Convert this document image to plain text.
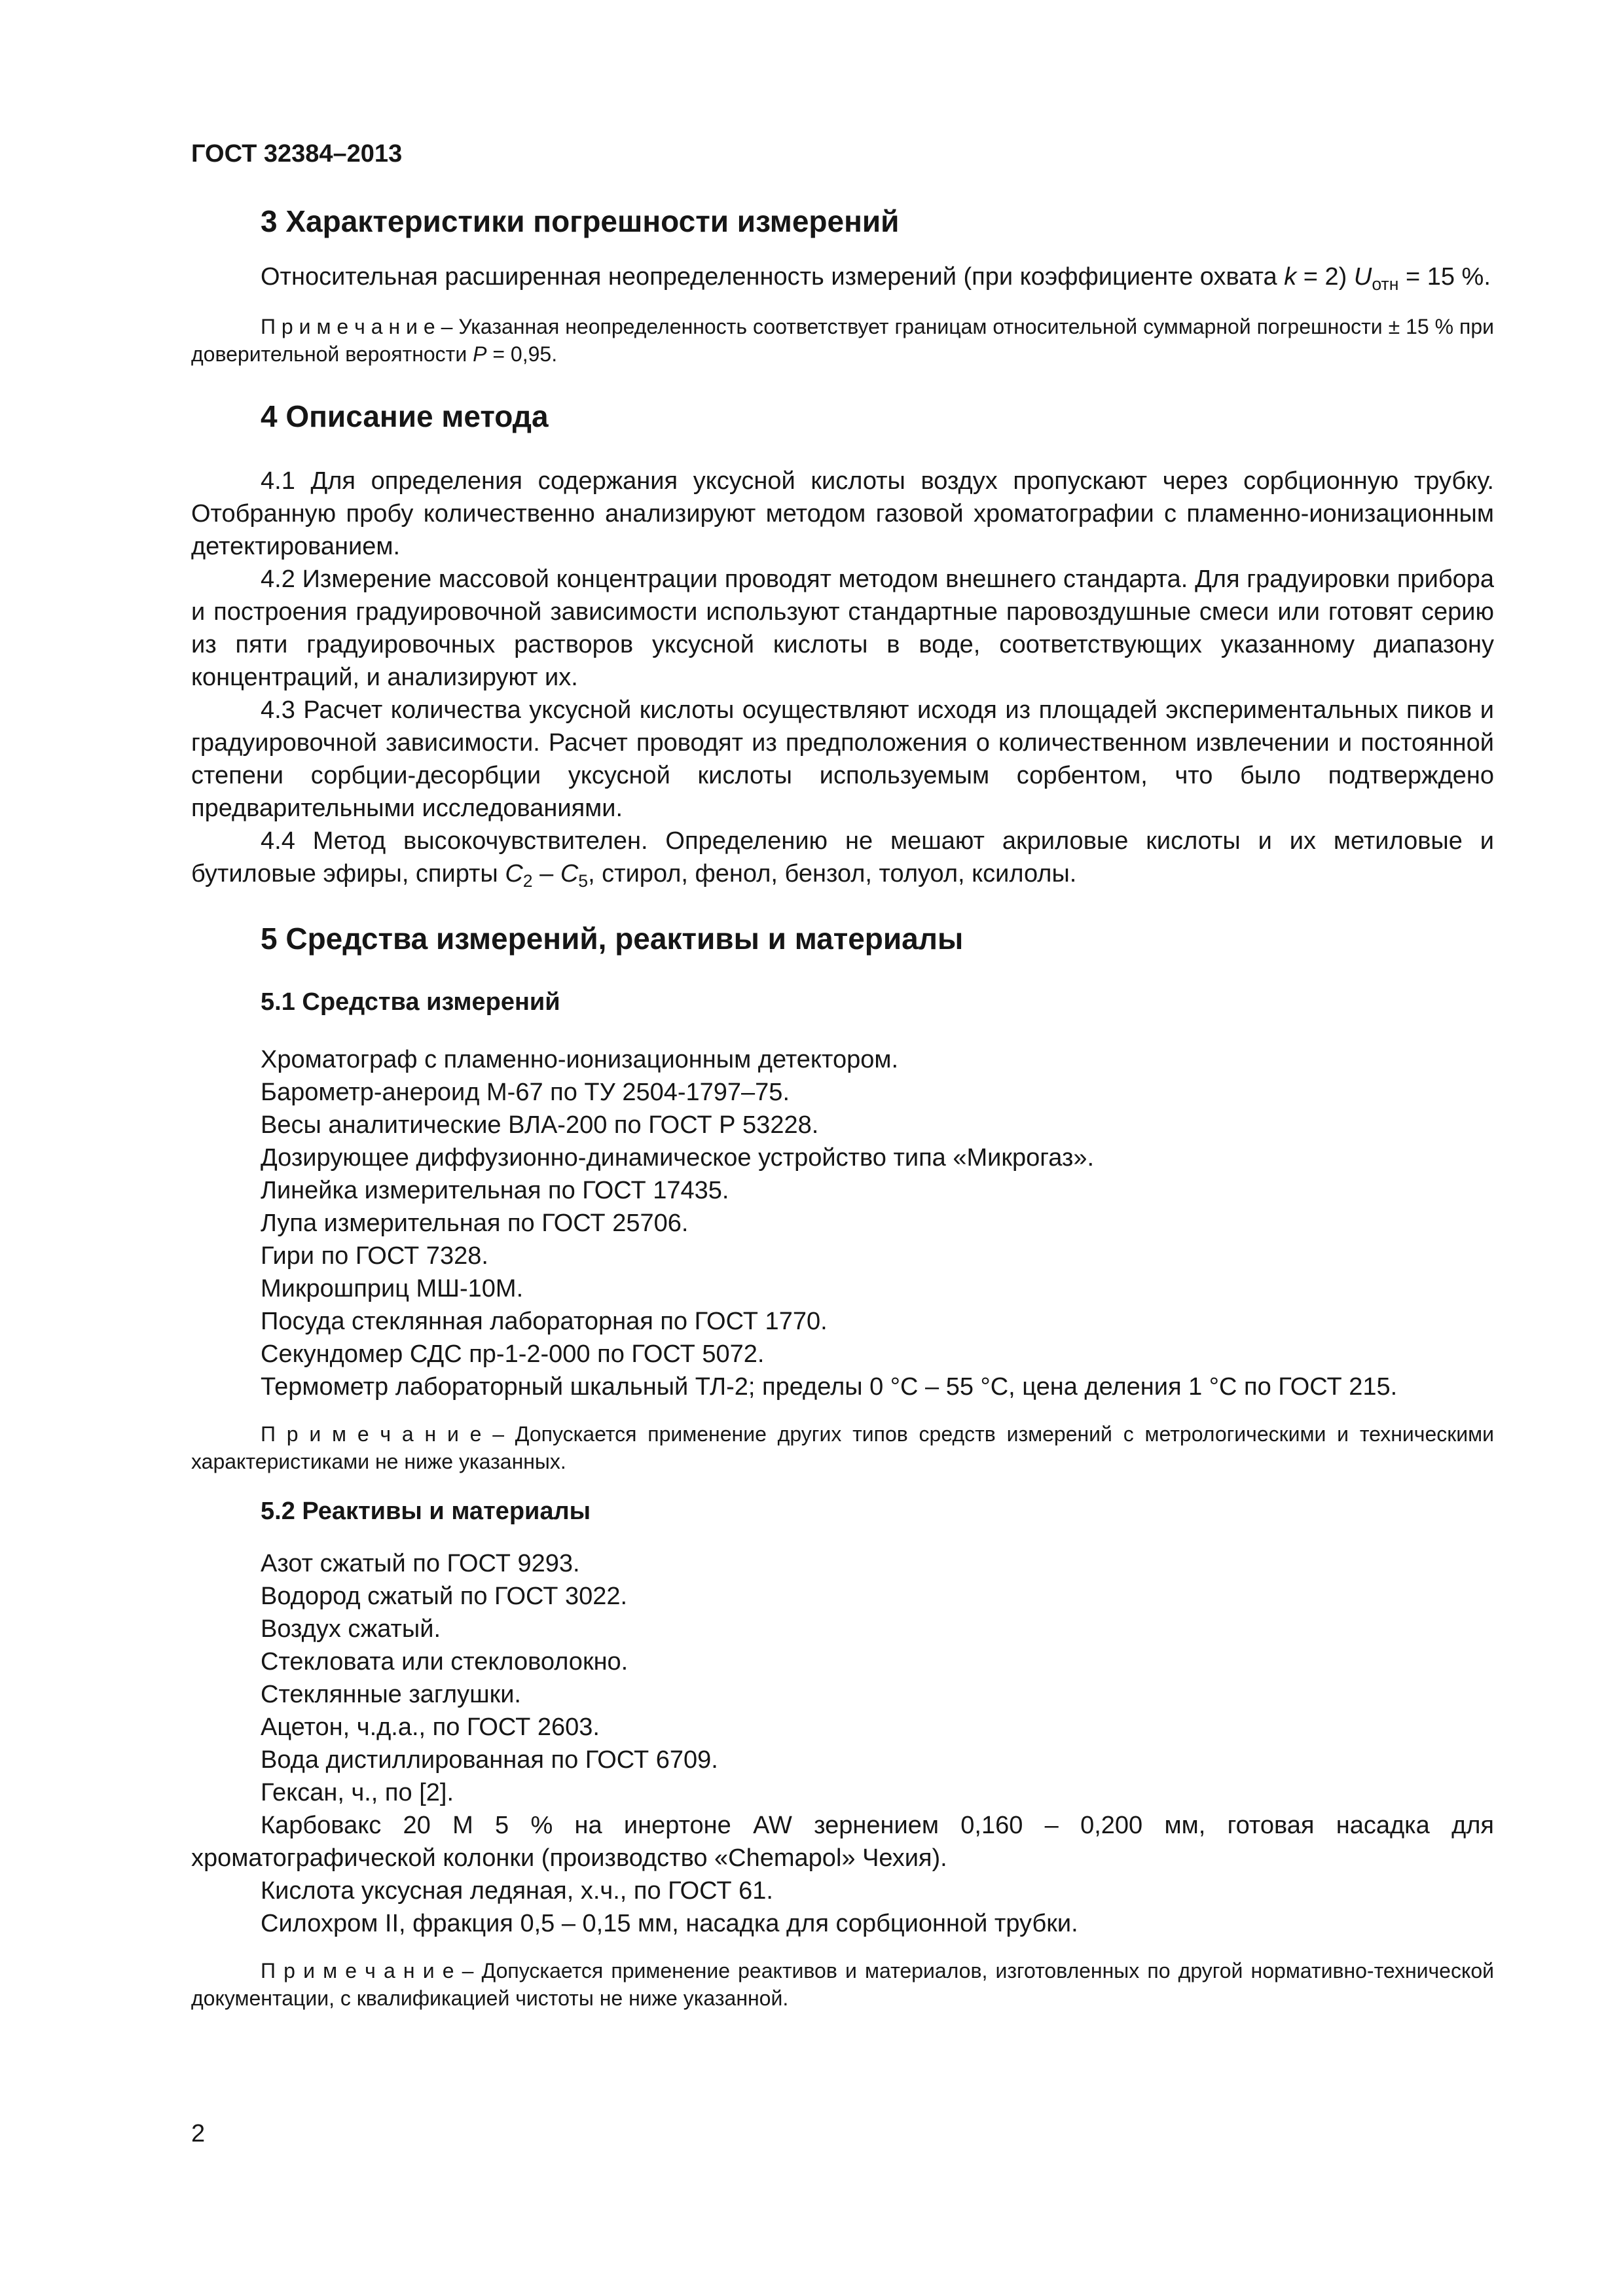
ГОСТ 32384–2013
3 Характеристики погрешности измерений

Относительная расширенная неопределенность измерений (при коэффициенте охвата k = 2) $U_{отн} = 15$ %.

П р и м е ч а н и е – Указанная неопределенность соответствует границам относительной суммарной погрешности ± 15 % при доверительной вероятности P = 0,95.

4 Описание метода

4.1 Для определения содержания уксусной кислоты воздух пропускают через сорбционную трубку. Отобранную пробу количественно анализируют методом газовой хроматографии с пламенно-ионизационным детектированием.

4.2 Измерение массовой концентрации проводят методом внешнего стандарта. Для градуировки прибора и построения градуировочной зависимости используют стандартные паровоздушные смеси или готовят серию из пяти градуировочных растворов уксусной кислоты в воде, соответствующих указанному диапазону концентраций, и анализируют их.

4.3 Расчет количества уксусной кислоты осуществляют исходя из площадей экспериментальных пиков и градуировочной зависимости. Расчет проводят из предположения о количественном извлечении и постоянной степени сорбции-десорбции уксусной кислоты используемым сорбентом, что было подтверждено предварительными исследованиями.

4.4 Метод высокочувствителен. Определению не мешают акриловые кислоты и их метиловые и бутиловые эфиры, спирты $C_2 - C_5$, стирол, фенол, бензол, толуол, ксилолы.

5 Средства измерений, реактивы и материалы
5.1 Средства измерений

Хроматограф с пламенно-ионизационным детектором.

Барометр-анероид М-67 по ТУ 2504-1797–75.

Весы аналитические ВЛА-200 по ГОСТ Р 53228.

Дозирующее диффузионно-динамическое устройство типа «Микрогаз».

Линейка измерительная по ГОСТ 17435.

Лупа измерительная по ГОСТ 25706.

Гири по ГОСТ 7328.

Микрошприц МШ-10М.

Посуда стеклянная лабораторная по ГОСТ 1770.

Секундомер СДС пр-1-2-000 по ГОСТ 5072.

Термометр лабораторный шкальный ТЛ-2; пределы 0 °С – 55 °С, цена деления 1 °С по ГОСТ 215.

П р и м е ч а н и е – Допускается применение других типов средств измерений с метрологическими и техническими характеристиками не ниже указанных.

5.2 Реактивы и материалы

Азот сжатый по ГОСТ 9293.

Водород сжатый по ГОСТ 3022.

Воздух сжатый.

Стекловата или стекловолокно.

Стеклянные заглушки.

Ацетон, ч.д.а., по ГОСТ 2603.

Вода дистиллированная по ГОСТ 6709.

Гексан, ч., по [2].

Карбовакс 20 М 5 % на инертоне AW зернением 0,160 – 0,200 мм, готовая насадка для хроматографической колонки (производство «Chemapol» Чехия).

Кислота уксусная ледяная, х.ч., по ГОСТ 61.

Силохром II, фракция 0,5 – 0,15 мм, насадка для сорбционной трубки.

П р и м е ч а н и е – Допускается применение реактивов и материалов, изготовленных по другой нормативно-технической документации, с квалификацией чистоты не ниже указанной.

2
